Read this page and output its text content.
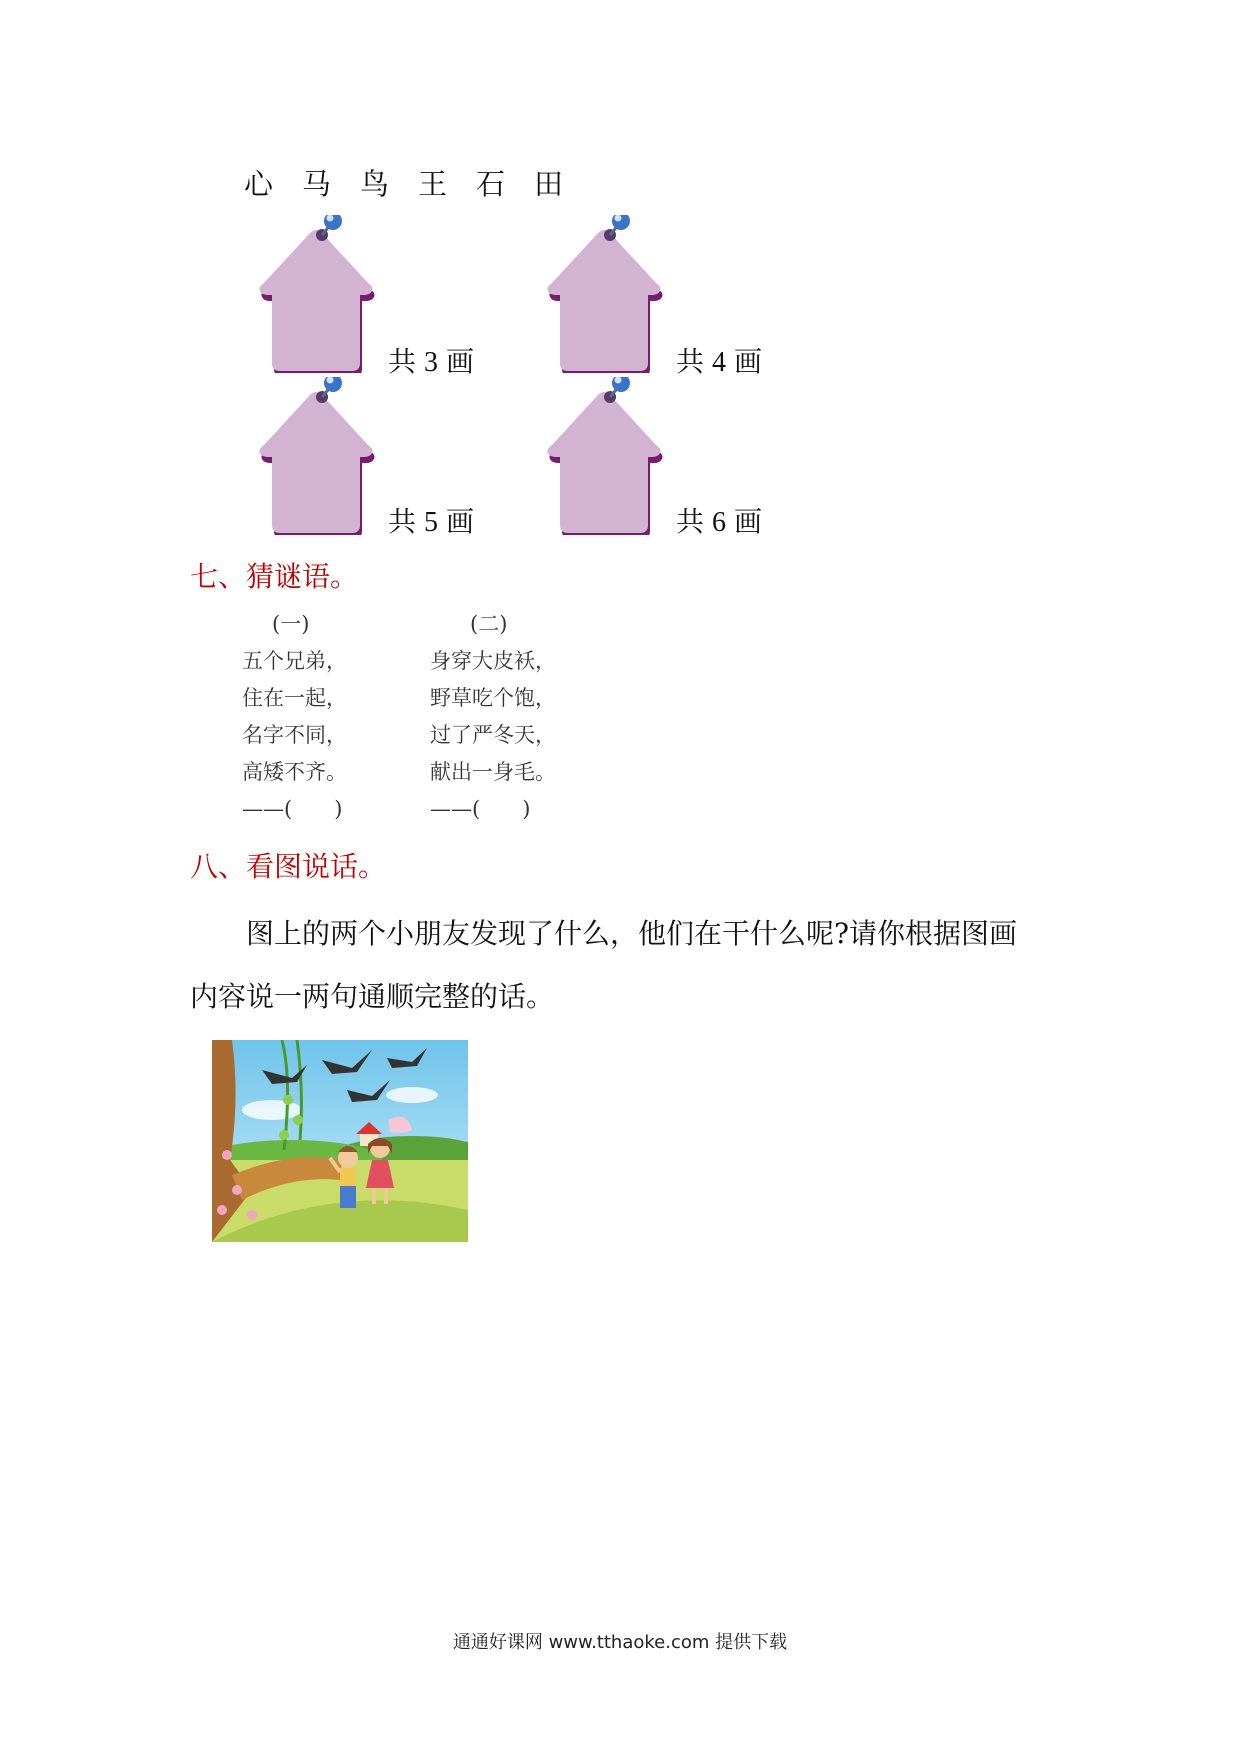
心 马 鸟 王 石 田
共 3 画	共 4 画
共 5 画	共 6 画
七、猜谜语。
(一)
五个兄弟，
住在一起，
名字不同，
高矮不齐。
——(　　)
(二)
身穿大皮袄，
野草吃个饱，
过了严冬天，
献出一身毛。
——(　　)
八、看图说话。
图上的两个小朋友发现了什么，他们在干什么呢?请你根据图画
内容说一两句通顺完整的话。
通通好课网 www.tthaoke.com 提供下载
